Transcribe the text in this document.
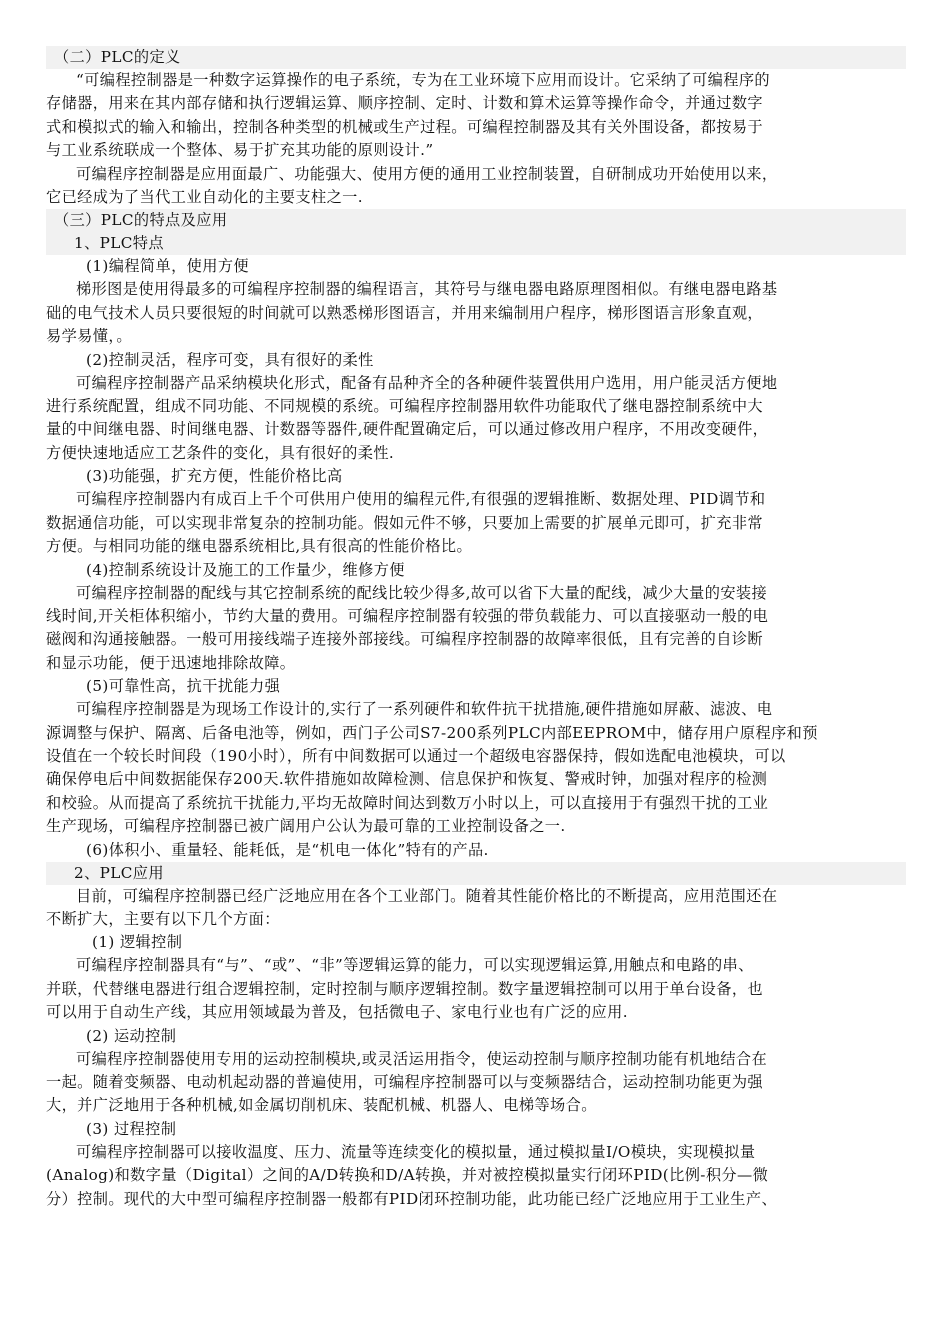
（二）PLC的定义
“可编程控制器是一种数字运算操作的电子系统，专为在工业环境下应用而设计。它采纳了可编程序的
存储器，用来在其内部存储和执行逻辑运算、顺序控制、定时、计数和算术运算等操作命令，并通过数字
式和模拟式的输入和输出，控制各种类型的机械或生产过程。可编程控制器及其有关外围设备，都按易于
与工业系统联成一个整体、易于扩充其功能的原则设计.”
可编程序控制器是应用面最广、功能强大、使用方便的通用工业控制装置，自研制成功开始使用以来，
它已经成为了当代工业自动化的主要支柱之一.
（三）PLC的特点及应用
1、PLC特点
(1)编程简单，使用方便
梯形图是使用得最多的可编程序控制器的编程语言，其符号与继电器电路原理图相似。有继电器电路基
础的电气技术人员只要很短的时间就可以熟悉梯形图语言，并用来编制用户程序，梯形图语言形象直观，
易学易懂，。
(2)控制灵活，程序可变，具有很好的柔性
可编程序控制器产品采纳模块化形式，配备有品种齐全的各种硬件装置供用户选用，用户能灵活方便地
进行系统配置，组成不同功能、不同规模的系统。可编程序控制器用软件功能取代了继电器控制系统中大
量的中间继电器、时间继电器、计数器等器件,硬件配置确定后，可以通过修改用户程序，不用改变硬件，
方便快速地适应工艺条件的变化，具有很好的柔性.
(3)功能强，扩充方便，性能价格比高
可编程序控制器内有成百上千个可供用户使用的编程元件,有很强的逻辑推断、数据处理、PID调节和
数据通信功能，可以实现非常复杂的控制功能。假如元件不够，只要加上需要的扩展单元即可，扩充非常
方便。与相同功能的继电器系统相比,具有很高的性能价格比。
(4)控制系统设计及施工的工作量少，维修方便
可编程序控制器的配线与其它控制系统的配线比较少得多,故可以省下大量的配线，减少大量的安装接
线时间,开关柜体积缩小，节约大量的费用。可编程序控制器有较强的带负载能力、可以直接驱动一般的电
磁阀和沟通接触器。一般可用接线端子连接外部接线。可编程序控制器的故障率很低，且有完善的自诊断
和显示功能，便于迅速地排除故障。
(5)可靠性高，抗干扰能力强
可编程序控制器是为现场工作设计的,实行了一系列硬件和软件抗干扰措施,硬件措施如屏蔽、滤波、电
源调整与保护、隔离、后备电池等，例如，西门子公司S7-200系列PLC内部EEPROM中，储存用户原程序和预
设值在一个较长时间段（190小时），所有中间数据可以通过一个超级电容器保持，假如选配电池模块，可以
确保停电后中间数据能保存200天.软件措施如故障检测、信息保护和恢复、警戒时钟，加强对程序的检测
和校验。从而提高了系统抗干扰能力,平均无故障时间达到数万小时以上，可以直接用于有强烈干扰的工业
生产现场，可编程序控制器已被广阔用户公认为最可靠的工业控制设备之一.
(6)体积小、重量轻、能耗低，是“机电一体化”特有的产品.
2、PLC应用
目前，可编程序控制器已经广泛地应用在各个工业部门。随着其性能价格比的不断提高，应用范围还在
不断扩大，主要有以下几个方面：
(1) 逻辑控制
可编程序控制器具有“与”、“或”、“非”等逻辑运算的能力，可以实现逻辑运算,用触点和电路的串、
并联，代替继电器进行组合逻辑控制，定时控制与顺序逻辑控制。数字量逻辑控制可以用于单台设备，也
可以用于自动生产线，其应用领域最为普及，包括微电子、家电行业也有广泛的应用.
(2) 运动控制
可编程序控制器使用专用的运动控制模块,或灵活运用指令，使运动控制与顺序控制功能有机地结合在
一起。随着变频器、电动机起动器的普遍使用，可编程序控制器可以与变频器结合，运动控制功能更为强
大，并广泛地用于各种机械,如金属切削机床、装配机械、机器人、电梯等场合。
(3) 过程控制
可编程序控制器可以接收温度、压力、流量等连续变化的模拟量，通过模拟量I/O模块，实现模拟量
(Analog)和数字量（Digital）之间的A/D转换和D/A转换，并对被控模拟量实行闭环PID(比例-积分—微
分）控制。现代的大中型可编程序控制器一般都有PID闭环控制功能，此功能已经广泛地应用于工业生产、
